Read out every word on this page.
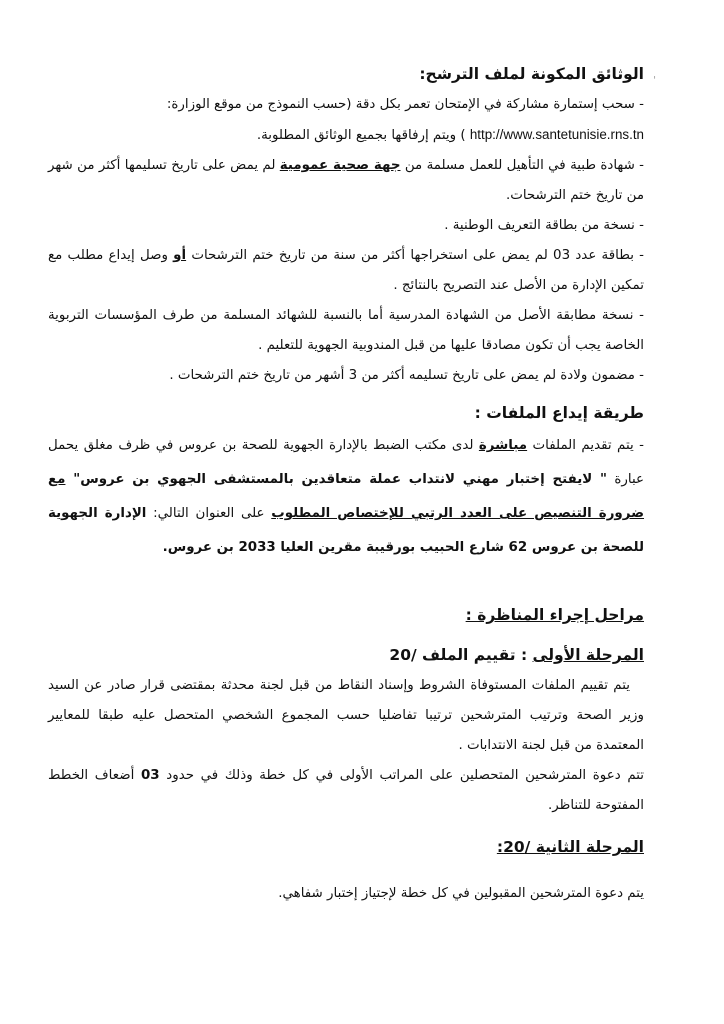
'
الوثائق المكونة لملف الترشح:

- سحب إستمارة مشاركة في الإمتحان تعمر بكل دقة (حسب النموذج من موقع الوزارة:
http://www.santetunisie.rns.tn ) ويتم إرفاقها بجميع الوثائق المطلوبة.

- شهادة طبية في التأهيل للعمل مسلمة من جهة صحية عمومية لم يمض على تاريخ تسليمها أكثر من شهر من تاريخ ختم الترشحات.

- نسخة من بطاقة التعريف الوطنية .

- بطاقة عدد 03 لم يمض على استخراجها أكثر من سنة من تاريخ ختم الترشحات أو وصل إيداع مطلب مع تمكين الإدارة من الأصل عند التصريح بالنتائج .

- نسخة مطابقة الأصل من الشهادة المدرسية أما بالنسبة للشهائد المسلمة من طرف المؤسسات التربوية الخاصة يجب أن تكون مصادقا عليها من قبل المندوبية الجهوية للتعليم .

- مضمون ولادة لم يمض على تاريخ تسليمه أكثر من 3 أشهر من تاريخ ختم الترشحات .

طريقة إيداع الملفات :

- يتم تقديم الملفات مباشرة لدى مكتب الضبط بالإدارة الجهوية للصحة بن عروس في ظرف مغلق يحمل عبارة " لايفتح إختبار مهني لانتداب عملة متعاقدين بالمستشفى الجهوي بن عروس" مع ضرورة التنصيص على العدد الرتبي للإختصاص المطلوب على العنوان التالي: الإدارة الجهوية للصحة بن عروس 62 شارع الحبيب بورقيبة مقرين العليا 2033 بن عروس.

مراحل إجراء المناظرة :
المرحلة الأولى : تقييم الملف /20

يتم تقييم الملفات المستوفاة الشروط وإسناد النقاط من قبل لجنة محدثة بمقتضى قرار صادر عن السيد وزير الصحة وترتيب المترشحين ترتيبا تفاضليا حسب المجموع الشخصي المتحصل عليه طبقا للمعايير المعتمدة من قبل لجنة الانتدابات .

تتم دعوة المترشحين المتحصلين على المراتب الأولى في كل خطة وذلك في حدود 03 أضعاف الخطط المفتوحة للتناظر.

المرحلة الثانية /20:

يتم دعوة المترشحين المقبولين في كل خطة لإجتياز إختبار شفاهي.
